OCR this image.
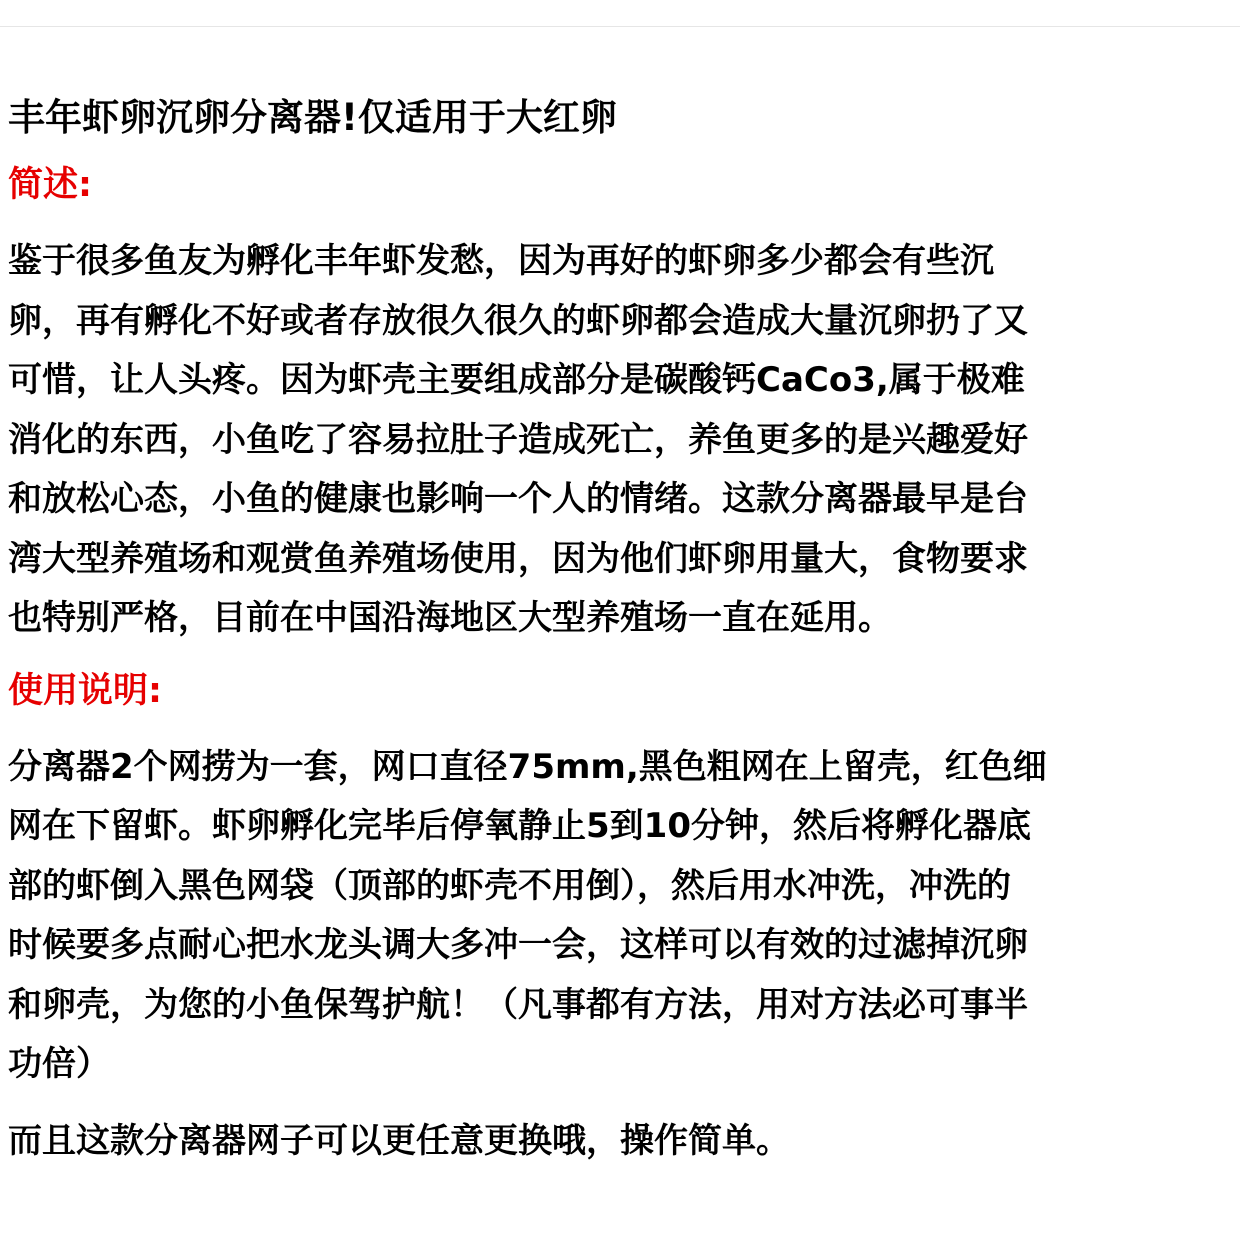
丰年虾卵沉卵分离器!仅适用于大红卵
简述:
鉴于很多鱼友为孵化丰年虾发愁，因为再好的虾卵多少都会有些沉
卵，再有孵化不好或者存放很久很久的虾卵都会造成大量沉卵扔了又
可惜，让人头疼。因为虾壳主要组成部分是碳酸钙CaCo3,属于极难
消化的东西，小鱼吃了容易拉肚子造成死亡，养鱼更多的是兴趣爱好
和放松心态，小鱼的健康也影响一个人的情绪。这款分离器最早是台
湾大型养殖场和观赏鱼养殖场使用，因为他们虾卵用量大，食物要求
也特别严格，目前在中国沿海地区大型养殖场一直在延用。
使用说明:
分离器2个网捞为一套，网口直径75mm,黑色粗网在上留壳，红色细
网在下留虾。虾卵孵化完毕后停氧静止5到10分钟，然后将孵化器底
部的虾倒入黑色网袋（顶部的虾壳不用倒），然后用水冲洗，冲洗的
时候要多点耐心把水龙头调大多冲一会，这样可以有效的过滤掉沉卵
和卵壳，为您的小鱼保驾护航！（凡事都有方法，用对方法必可事半
功倍）
而且这款分离器网子可以更任意更换哦，操作简单。
